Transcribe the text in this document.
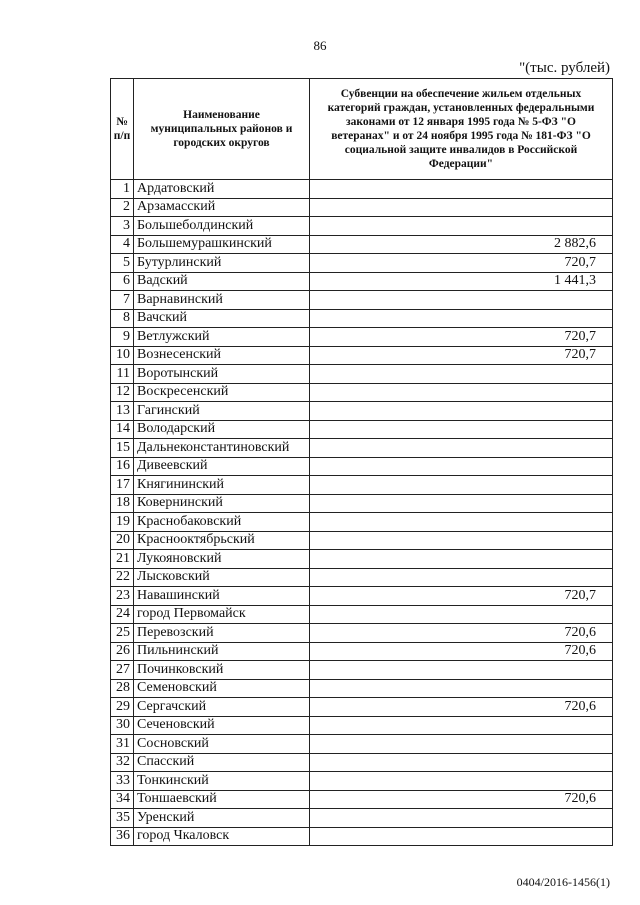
86
"(тыс. рублей)
№ п/п	Наименование муниципальных районов и городских округов	Субвенции на обеспечение жильем отдельных категорий граждан, установленных федеральными законами от 12 января 1995 года № 5-ФЗ "О ветеранах" и от 24 ноября 1995 года № 181-ФЗ "О социальной защите инвалидов в Российской Федерации"
1	Ардатовский	
2	Арзамасский	
3	Большеболдинский	
4	Большемурашкинский	2 882,6
5	Бутурлинский	720,7
6	Вадский	1 441,3
7	Варнавинский	
8	Вачский	
9	Ветлужский	720,7
10	Вознесенский	720,7
11	Воротынский	
12	Воскресенский	
13	Гагинский	
14	Володарский	
15	Дальнеконстантиновский	
16	Дивеевский	
17	Княгининский	
18	Ковернинский	
19	Краснобаковский	
20	Краснооктябрьский	
21	Лукояновский	
22	Лысковский	
23	Навашинский	720,7
24	город Первомайск	
25	Перевозский	720,6
26	Пильнинский	720,6
27	Починковский	
28	Семеновский	
29	Сергачский	720,6
30	Сеченовский	
31	Сосновский	
32	Спасский	
33	Тонкинский	
34	Тоншаевский	720,6
35	Уренский	
36	город Чкаловск	
0404/2016-1456(1)
